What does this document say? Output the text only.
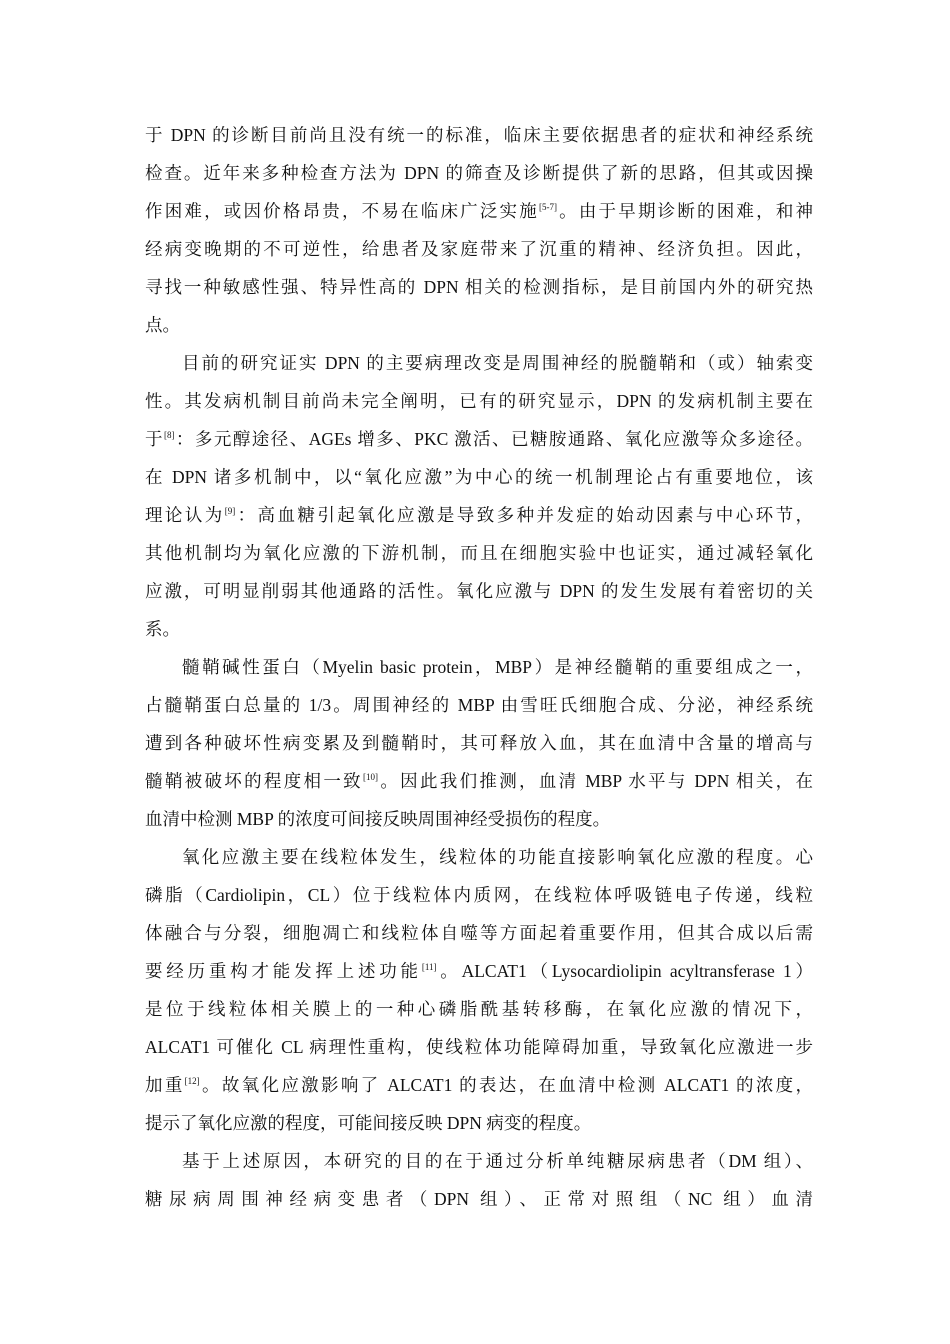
于 DPN 的诊断目前尚且没有统一的标准，临床主要依据患者的症状和神经系统
检查。近年来多种检查方法为 DPN 的筛查及诊断提供了新的思路，但其或因操
作困难，或因价格昂贵，不易在临床广泛实施[5-7]。由于早期诊断的困难，和神
经病变晚期的不可逆性，给患者及家庭带来了沉重的精神、经济负担。因此，
寻找一种敏感性强、特异性高的 DPN 相关的检测指标，是目前国内外的研究热
点。
目前的研究证实 DPN 的主要病理改变是周围神经的脱髓鞘和（或）轴索变
性。其发病机制目前尚未完全阐明，已有的研究显示，DPN 的发病机制主要在
于[8]：多元醇途径、AGEs 增多、PKC 激活、已糖胺通路、氧化应激等众多途径。
在 DPN 诸多机制中，以“氧化应激”为中心的统一机制理论占有重要地位，该
理论认为[9]：高血糖引起氧化应激是导致多种并发症的始动因素与中心环节，
其他机制均为氧化应激的下游机制，而且在细胞实验中也证实，通过减轻氧化
应激，可明显削弱其他通路的活性。氧化应激与 DPN 的发生发展有着密切的关
系。
髓鞘碱性蛋白（Myelin basic protein，MBP）是神经髓鞘的重要组成之一，
占髓鞘蛋白总量的 1/3。周围神经的 MBP 由雪旺氏细胞合成、分泌，神经系统
遭到各种破坏性病变累及到髓鞘时，其可释放入血，其在血清中含量的增高与
髓鞘被破坏的程度相一致[10]。因此我们推测，血清 MBP 水平与 DPN 相关，在
血清中检测 MBP 的浓度可间接反映周围神经受损伤的程度。
氧化应激主要在线粒体发生，线粒体的功能直接影响氧化应激的程度。心
磷脂（Cardiolipin，CL）位于线粒体内质网，在线粒体呼吸链电子传递，线粒
体融合与分裂，细胞凋亡和线粒体自噬等方面起着重要作用，但其合成以后需
要经历重构才能发挥上述功能[11]。ALCAT1（Lysocardiolipin acyltransferase 1）
是位于线粒体相关膜上的一种心磷脂酰基转移酶，在氧化应激的情况下，
ALCAT1 可催化 CL 病理性重构，使线粒体功能障碍加重，导致氧化应激进一步
加重[12]。故氧化应激影响了 ALCAT1 的表达，在血清中检测 ALCAT1 的浓度，
提示了氧化应激的程度，可能间接反映 DPN 病变的程度。
基于上述原因，本研究的目的在于通过分析单纯糖尿病患者（DM 组）、
糖尿病周围神经病变患者（DPN 组）、正常对照组（NC 组）血清
